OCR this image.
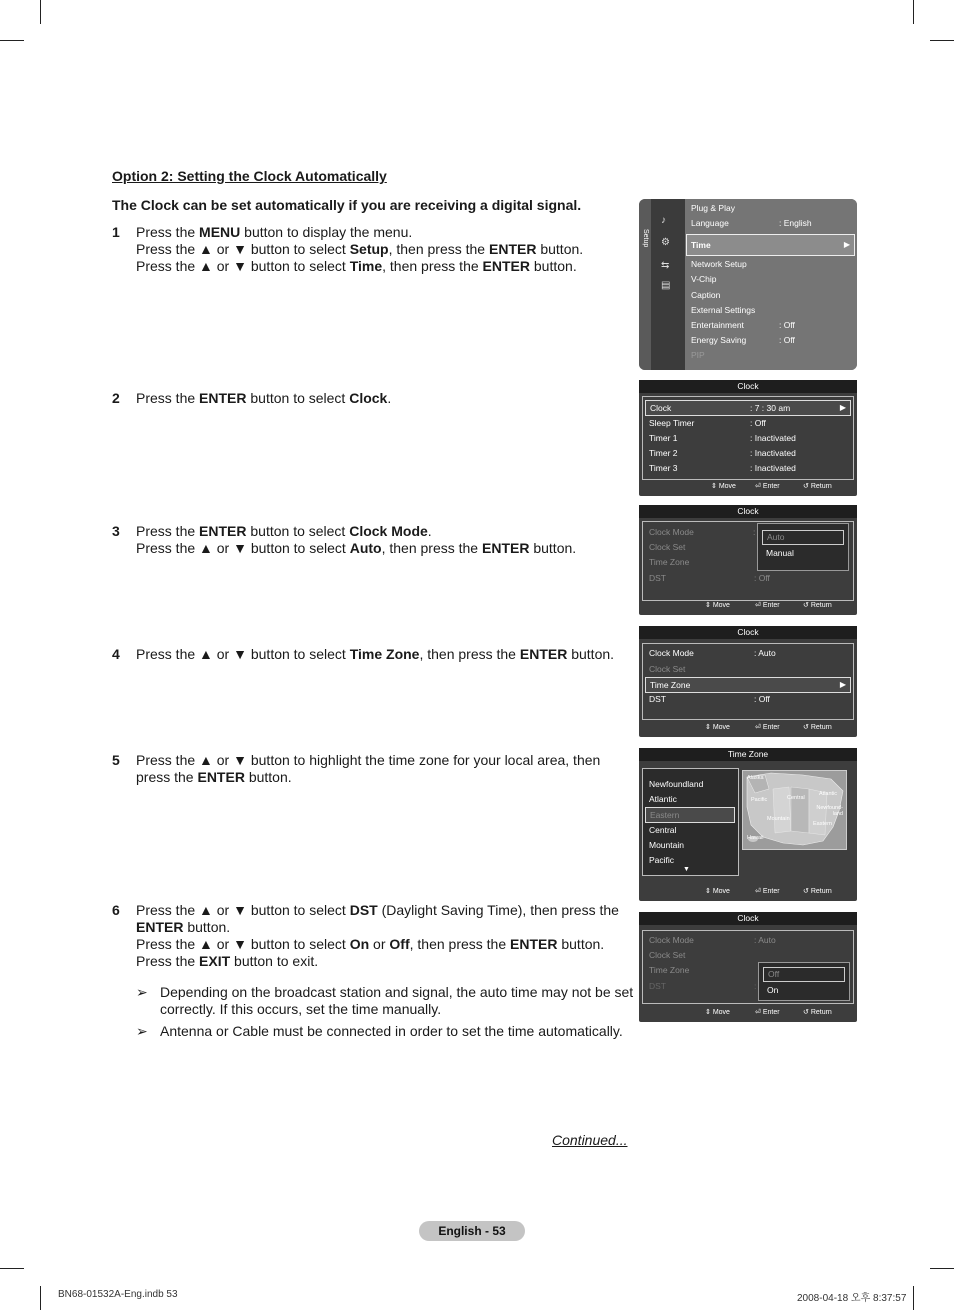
Option 2: Setting the Clock Automatically

The Clock can be set automatically if you are receiving a digital signal.

1 Press the MENU button to display the menu.
Press the ▲ or ▼ button to select Setup, then press the ENTER button.
Press the ▲ or ▼ button to select Time, then press the ENTER button.
2 Press the ENTER button to select Clock.
3 Press the ENTER button to select Clock Mode.
Press the ▲ or ▼ button to select Auto, then press the ENTER button.
4 Press the ▲ or ▼ button to select Time Zone, then press the ENTER button.
5 Press the ▲ or ▼ button to highlight the time zone for your local area, then
press the ENTER button.
6 Press the ▲ or ▼ button to select DST (Daylight Saving Time), then press the
ENTER button.
Press the ▲ or ▼ button to select On or Off, then press the ENTER button.
Press the EXIT button to exit.
➢ Depending on the broadcast station and signal, the auto time may not be set correctly. If this occurs, set the time manually.
➢ Antenna or Cable must be connected in order to set the time automatically.
Continued...
English - 53
BN68-01532A-Eng.indb 53	2008-04-18 오후 8:37:57
Setup
♪
⚙
⇆
▤
Plug & Play
Language	: English
Time	▶
Network Setup
V-Chip
Caption
External Settings
Entertainment	: Off
Energy Saving	: Off
PIP
Clock
Clock	: 7 : 30 am	▶
Sleep Timer	: Off
Timer 1	: Inactivated
Timer 2	: Inactivated
Timer 3	: Inactivated
⇕ Move	⏎ Enter	↺ Return
Clock
Clock Mode	:
Clock Set
Time Zone
DST	: Off
Auto
Manual
⇕ Move	⏎ Enter	↺ Return
Clock
Clock Mode	: Auto
Clock Set
Time Zone	▶
DST	: Off
⇕ Move	⏎ Enter	↺ Return
Time Zone
Newfoundland
Atlantic
Eastern
Central
Mountain
Pacific
▼
⇕ Move	⏎ Enter	↺ Return
Alaska
Pacific	Central
Atlantic
Newfound-land
Mountain
Eastern
Hawaii
Clock
Clock Mode	: Auto
Clock Set
Time Zone
DST	:
Off
On
⇕ Move	⏎ Enter	↺ Return
